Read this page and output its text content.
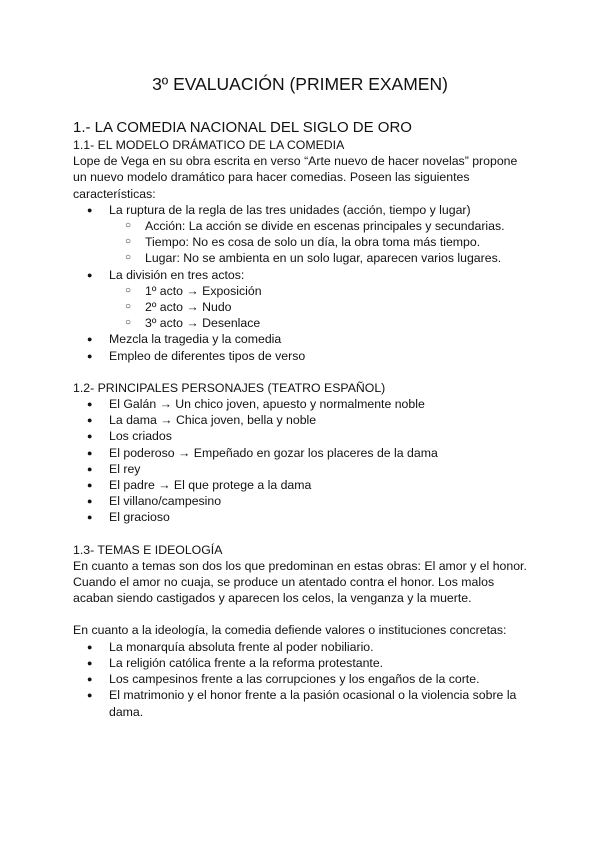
3º EVALUACIÓN (PRIMER EXAMEN)
1.- LA COMEDIA NACIONAL DEL SIGLO DE ORO
1.1- EL MODELO DRÁMATICO DE LA COMEDIA

Lope de Vega en su obra escrita en verso “Arte nuevo de hacer novelas” propone un nuevo modelo dramático para hacer comedias. Poseen las siguientes características:

● La ruptura de la regla de las tres unidades (acción, tiempo y lugar)
○ Acción: La acción se divide en escenas principales y secundarias.
○ Tiempo: No es cosa de solo un día, la obra toma más tiempo.
○ Lugar: No se ambienta en un solo lugar, aparecen varios lugares.
● La división en tres actos:
○ 1º acto → Exposición
○ 2º acto → Nudo
○ 3º acto → Desenlace
● Mezcla la tragedia y la comedia
● Empleo de diferentes tipos de verso
1.2- PRINCIPALES PERSONAJES (TEATRO ESPAÑOL)
● El Galán → Un chico joven, apuesto y normalmente noble
● La dama → Chica joven, bella y noble
● Los criados
● El poderoso → Empeñado en gozar los placeres de la dama
● El rey
● El padre → El que protege a la dama
● El villano/campesino
● El gracioso
1.3- TEMAS E IDEOLOGÍA

En cuanto a temas son dos los que predominan en estas obras: El amor y el honor. Cuando el amor no cuaja, se produce un atentado contra el honor. Los malos acaban siendo castigados y aparecen los celos, la venganza y la muerte.

En cuanto a la ideología, la comedia defiende valores o instituciones concretas:

● La monarquía absoluta frente al poder nobiliario.
● La religión católica frente a la reforma protestante.
● Los campesinos frente a las corrupciones y los engaños de la corte.
● El matrimonio y el honor frente a la pasión ocasional o la violencia sobre la dama.
